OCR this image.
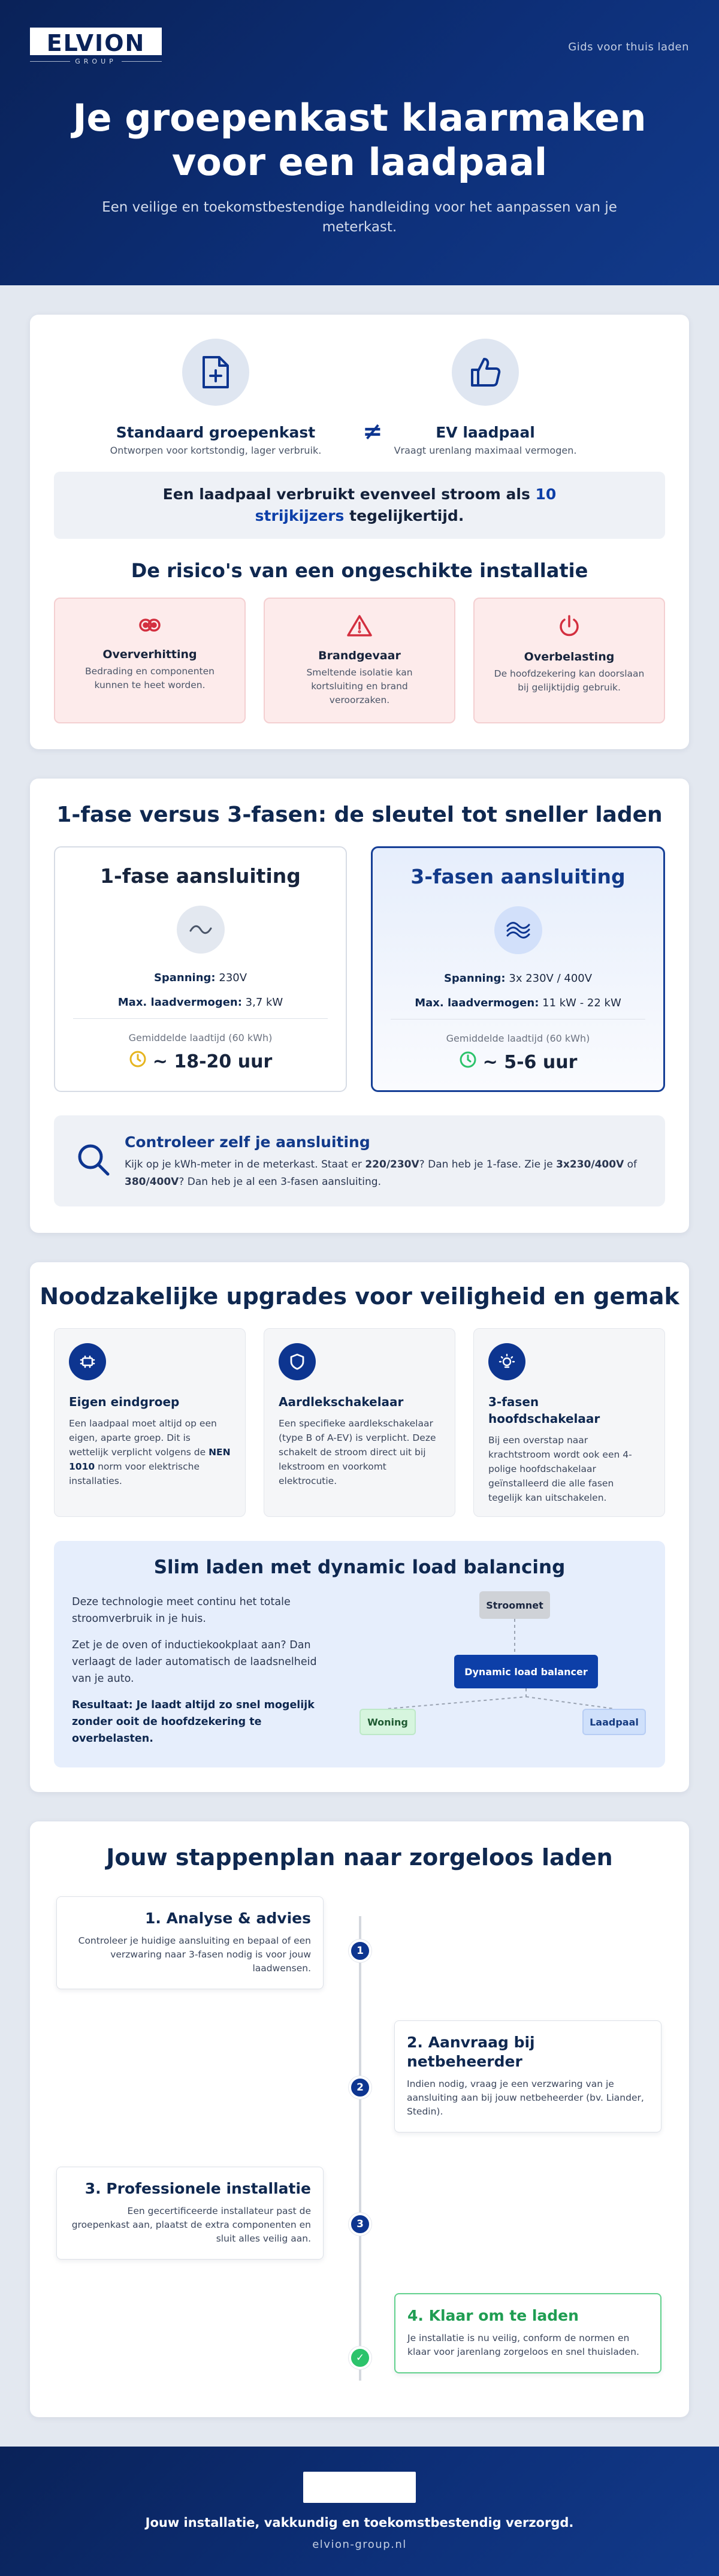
ELVION
GROUP
Gids voor thuis laden
Je groepenkast klaarmaken voor een laadpaal

Een veilige en toekomstbestendige handleiding voor het aanpassen van je meterkast.

Standaard groepenkast
Ontworpen voor kortstondig, lager verbruik.
≠	EV laadpaal
Vraagt urenlang maximaal vermogen.
Een laadpaal verbruikt evenveel stroom als 10 strijkijzers tegelijkertijd.
De risico's van een ongeschikte installatie
Oververhitting

Bedrading en componenten kunnen te heet worden.

Brandgevaar

Smeltende isolatie kan kortsluiting en brand veroorzaken.

Overbelasting

De hoofdzekering kan doorslaan bij gelijktijdig gebruik.

1-fase versus 3-fasen: de sleutel tot sneller laden
1-fase aansluiting
Spanning: 230V
Max. laadvermogen: 3,7 kW
Gemiddelde laadtijd (60 kWh)
~ 18-20 uur
3-fasen aansluiting
Spanning: 3x 230V / 400V
Max. laadvermogen: 11 kW - 22 kW
Gemiddelde laadtijd (60 kWh)
~ 5-6 uur
Controleer zelf je aansluiting

Kijk op je kWh-meter in de meterkast. Staat er 220/230V? Dan heb je 1-fase. Zie je 3x230/400V of 380/400V? Dan heb je al een 3-fasen aansluiting.

Noodzakelijke upgrades voor veiligheid en gemak
Eigen eindgroep

Een laadpaal moet altijd op een eigen, aparte groep. Dit is wettelijk verplicht volgens de NEN 1010 norm voor elektrische installaties.

Aardlekschakelaar

Een specifieke aardlekschakelaar (type B of A-EV) is verplicht. Deze schakelt de stroom direct uit bij lekstroom en voorkomt elektrocutie.

3-fasen hoofdschakelaar

Bij een overstap naar krachtstroom wordt ook een 4-polige hoofdschakelaar geïnstalleerd die alle fasen tegelijk kan uitschakelen.

Slim laden met dynamic load balancing

Deze technologie meet continu het totale stroomverbruik in je huis.

Zet je de oven of inductiekookplaat aan? Dan verlaagt de lader automatisch de laadsnelheid van je auto.

Resultaat: Je laadt altijd zo snel mogelijk zonder ooit de hoofdzekering te overbelasten.

Stroomnet
Dynamic load balancer
Woning	Laadpaal
Jouw stappenplan naar zorgeloos laden
1. Analyse & advies

Controleer je huidige aansluiting en bepaal of een verzwaring naar 3-fasen nodig is voor jouw laadwensen.

1
2. Aanvraag bij netbeheerder

Indien nodig, vraag je een verzwaring van je aansluiting aan bij jouw netbeheerder (bv. Liander, Stedin).

2
3. Professionele installatie

Een gecertificeerde installateur past de groepenkast aan, plaatst de extra componenten en sluit alles veilig aan.

3
4. Klaar om te laden

Je installatie is nu veilig, conform de normen en klaar voor jarenlang zorgeloos en snel thuisladen.

✓
Jouw installatie, vakkundig en toekomstbestendig verzorgd.
elvion-group.nl
